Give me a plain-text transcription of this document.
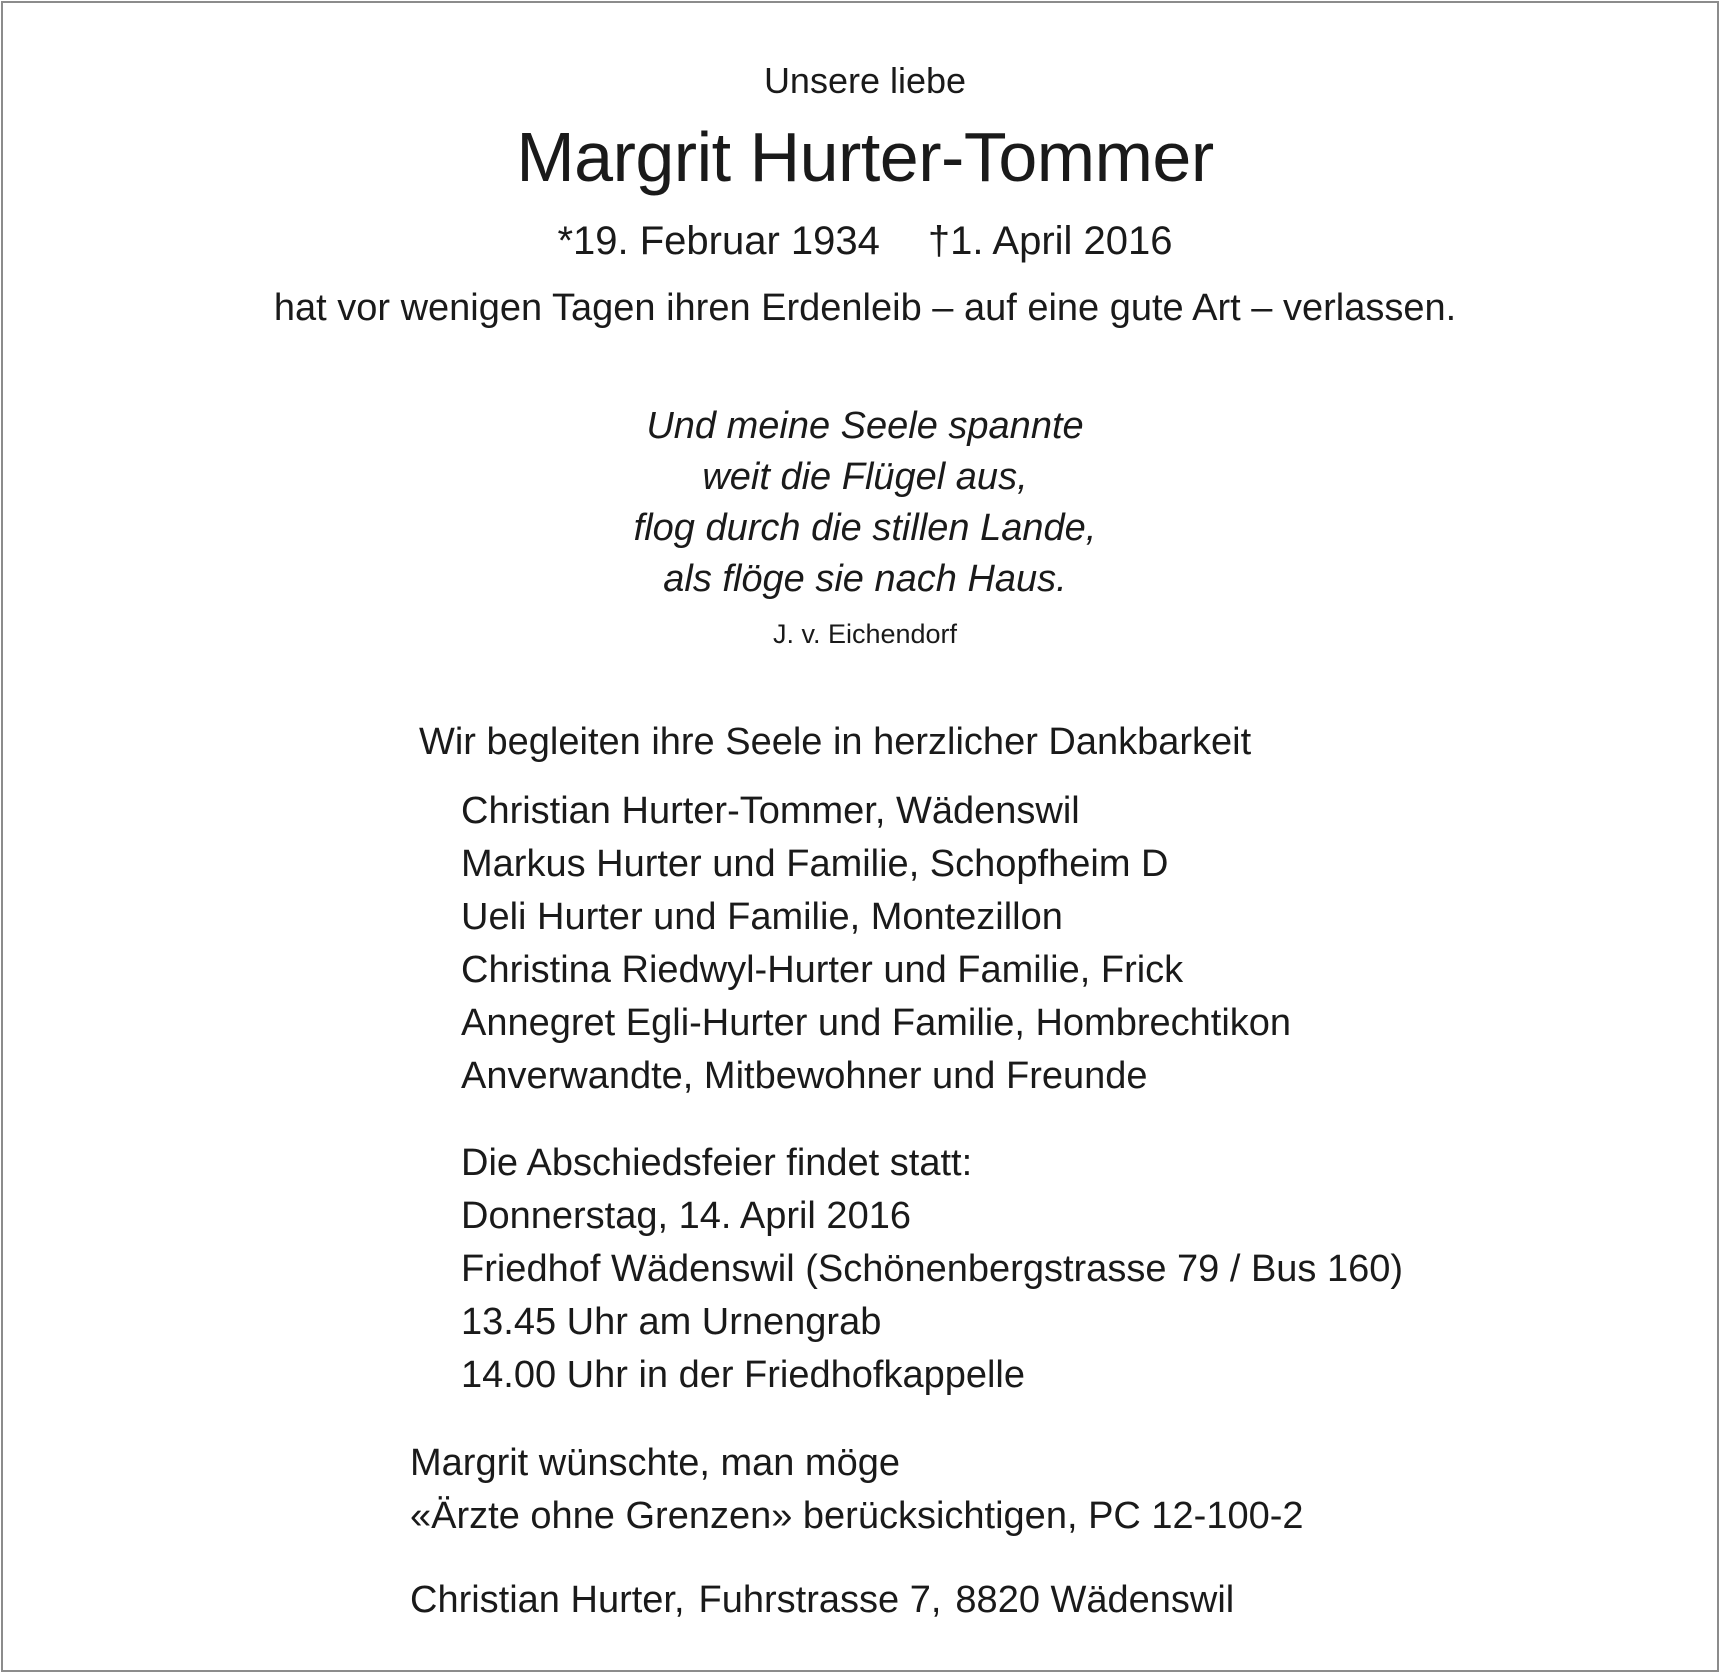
Unsere liebe
Margrit Hurter-Tommer
*19. Februar 1934 †1. April 2016
hat vor wenigen Tagen ihren Erdenleib – auf eine gute Art – verlassen.
Und meine Seele spannte
weit die Flügel aus,
flog durch die stillen Lande,
als flöge sie nach Haus.
J. v. Eichendorf
Wir begleiten ihre Seele in herzlicher Dankbarkeit
Christian Hurter-Tommer, Wädenswil
Markus Hurter und Familie, Schopfheim D
Ueli Hurter und Familie, Montezillon
Christina Riedwyl-Hurter und Familie, Frick
Annegret Egli-Hurter und Familie, Hombrechtikon
Anverwandte, Mitbewohner und Freunde
Die Abschiedsfeier findet statt:
Donnerstag, 14. April 2016
Friedhof Wädenswil (Schönenbergstrasse 79 / Bus 160)
13.45 Uhr am Urnengrab
14.00 Uhr in der Friedhofkappelle
Margrit wünschte, man möge
«Ärzte ohne Grenzen» berücksichtigen, PC 12-100-2
Christian Hurter, Fuhrstrasse 7, 8820 Wädenswil
